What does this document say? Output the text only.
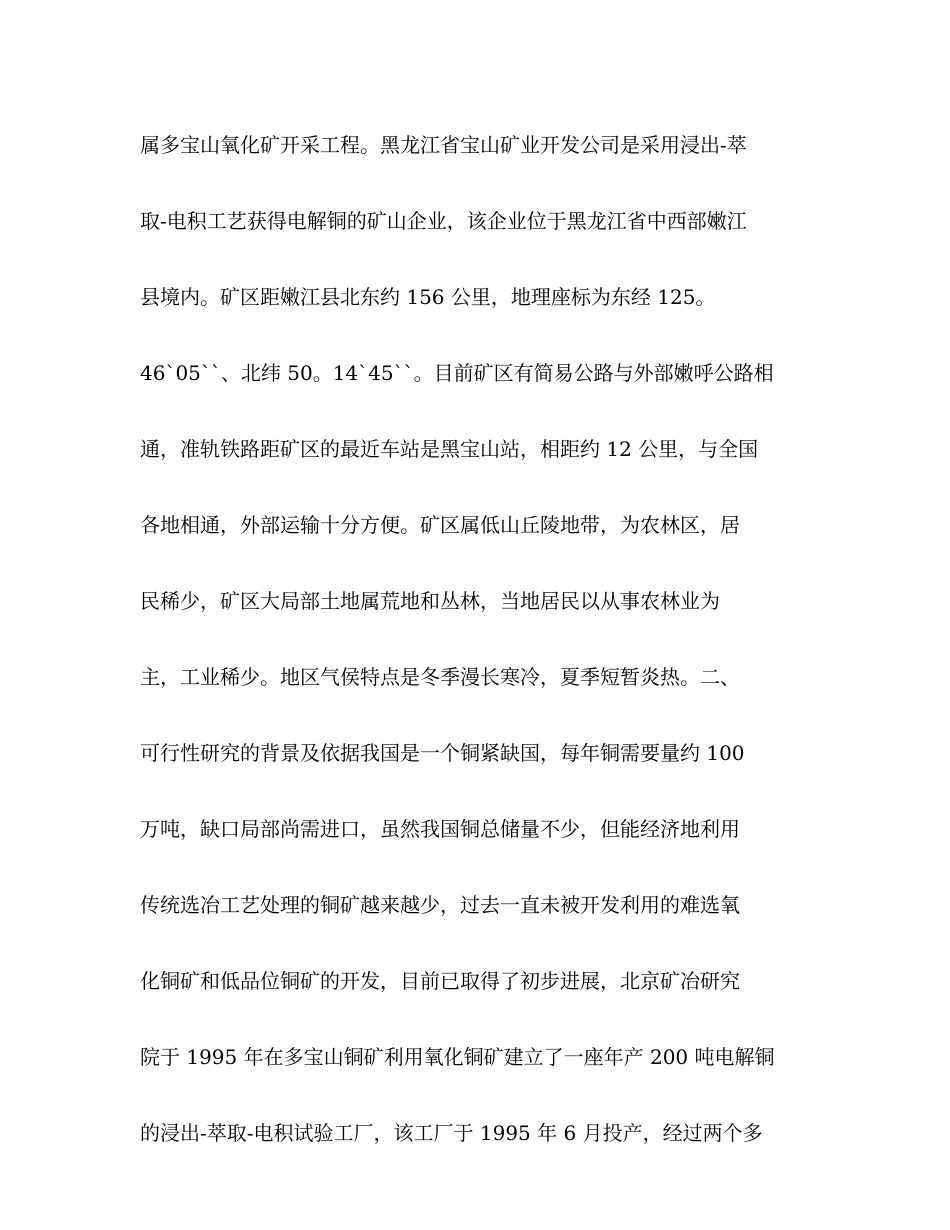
属多宝山氧化矿开采工程。黑龙江省宝山矿业开发公司是采用浸出-萃
取-电积工艺获得电解铜的矿山企业，该企业位于黑龙江省中西部嫩江
县境内。矿区距嫩江县北东约 156 公里，地理座标为东经 125。
46`05``、北纬 50。14`45``。目前矿区有简易公路与外部嫩呼公路相
通，准轨铁路距矿区的最近车站是黑宝山站，相距约 12 公里，与全国
各地相通，外部运输十分方便。矿区属低山丘陵地带，为农林区，居
民稀少，矿区大局部土地属荒地和丛林，当地居民以从事农林业为
主，工业稀少。地区气侯特点是冬季漫长寒冷，夏季短暂炎热。二、
可行性研究的背景及依据我国是一个铜紧缺国，每年铜需要量约 100
万吨，缺口局部尚需进口，虽然我国铜总储量不少，但能经济地利用
传统选冶工艺处理的铜矿越来越少，过去一直未被开发利用的难选氧
化铜矿和低品位铜矿的开发，目前已取得了初步进展，北京矿冶研究
院于 1995 年在多宝山铜矿利用氧化铜矿建立了一座年产 200 吨电解铜
的浸出-萃取-电积试验工厂，该工厂于 1995 年 6 月投产，经过两个多
